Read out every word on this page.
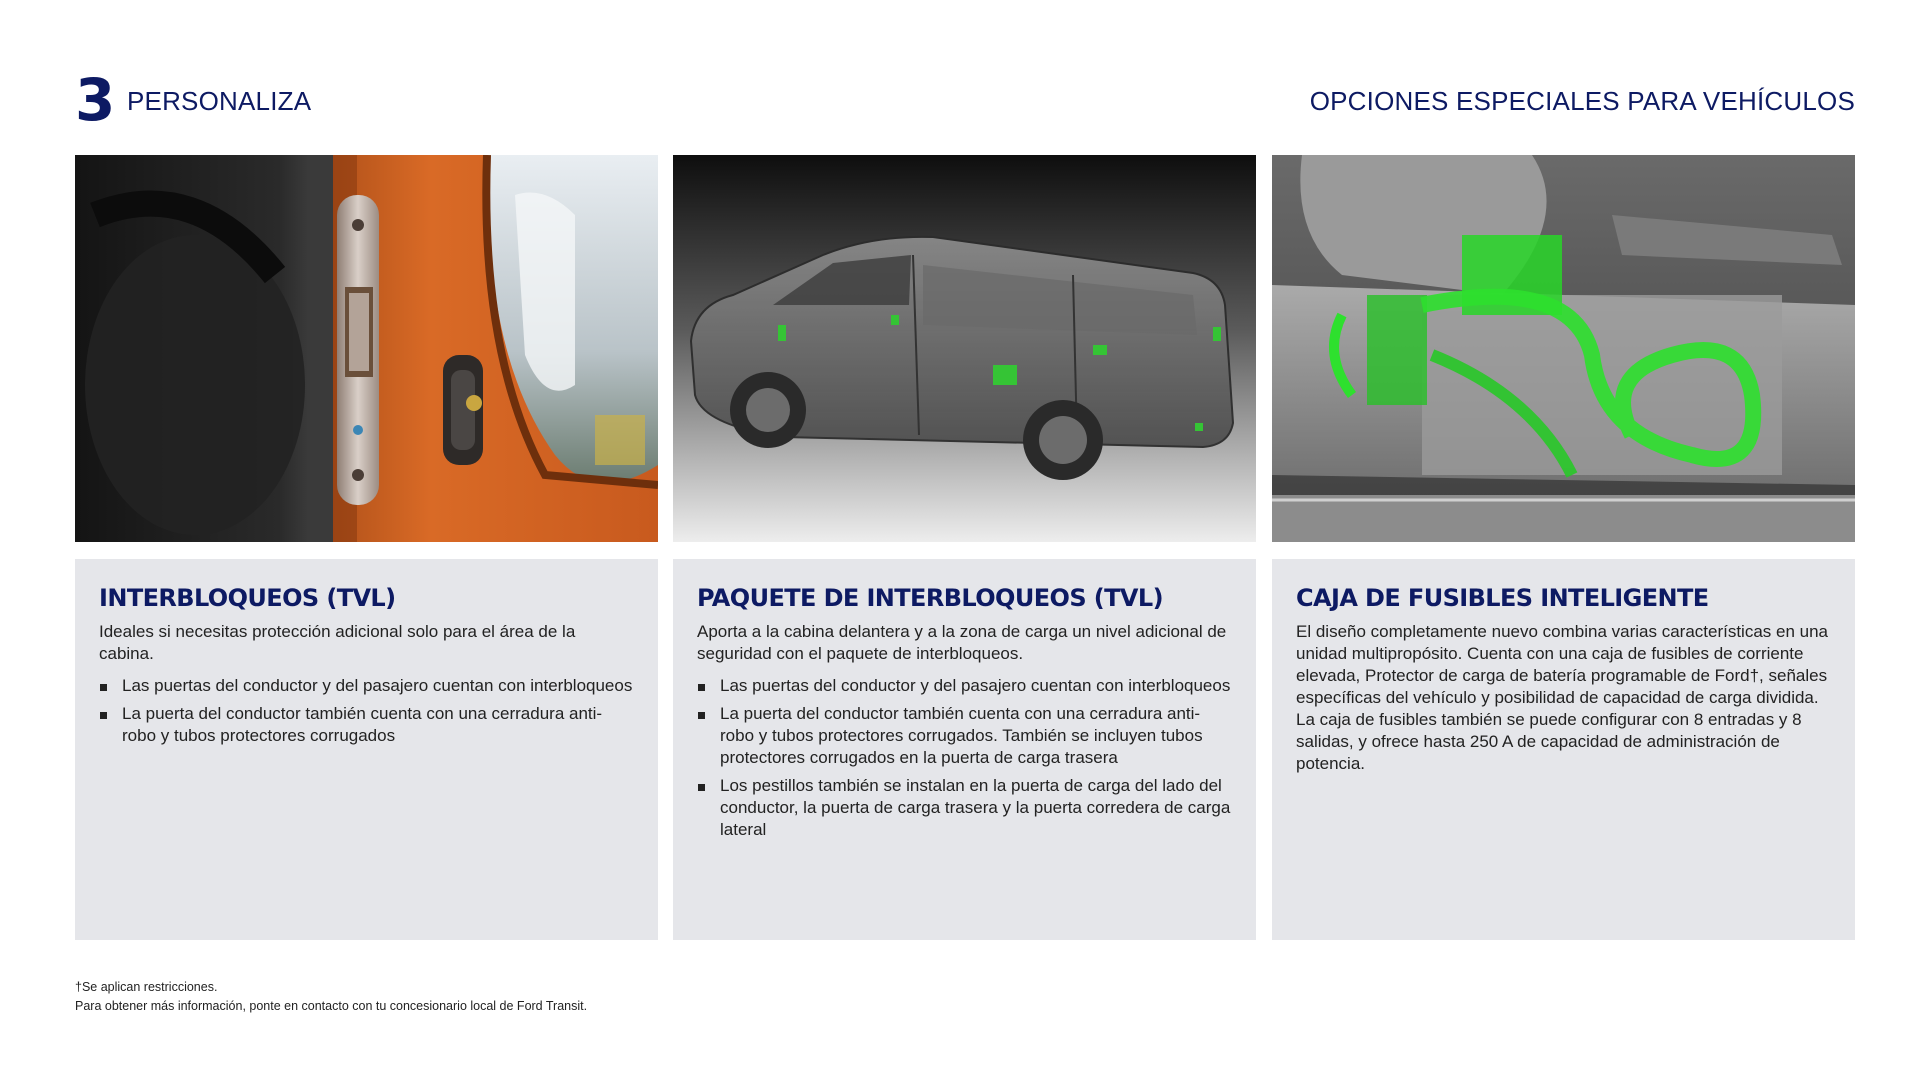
3 PERSONALIZA	OPCIONES ESPECIALES PARA VEHÍCULOS
INTERBLOQUEOS (TVL)

Ideales si necesitas protección adicional solo para el área de la cabina.

Las puertas del conductor y del pasajero cuentan con interbloqueos
La puerta del conductor también cuenta con una cerradura anti-robo y tubos protectores corrugados
PAQUETE DE INTERBLOQUEOS (TVL)

Aporta a la cabina delantera y a la zona de carga un nivel adicional de seguridad con el paquete de interbloqueos.

Las puertas del conductor y del pasajero cuentan con interbloqueos
La puerta del conductor también cuenta con una cerradura anti-robo y tubos protectores corrugados. También se incluyen tubos protectores corrugados en la puerta de carga trasera
Los pestillos también se instalan en la puerta de carga del lado del conductor, la puerta de carga trasera y la puerta corredera de carga lateral
CAJA DE FUSIBLES INTELIGENTE

El diseño completamente nuevo combina varias características en una unidad multipropósito. Cuenta con una caja de fusibles de corriente elevada, Protector de carga de batería programable de Ford†, señales específicas del vehículo y posibilidad de capacidad de carga dividida. La caja de fusibles también se puede configurar con 8 entradas y 8 salidas, y ofrece hasta 250 A de capacidad de administración de potencia.

†Se aplican restricciones.
Para obtener más información, ponte en contacto con tu concesionario local de Ford Transit.
